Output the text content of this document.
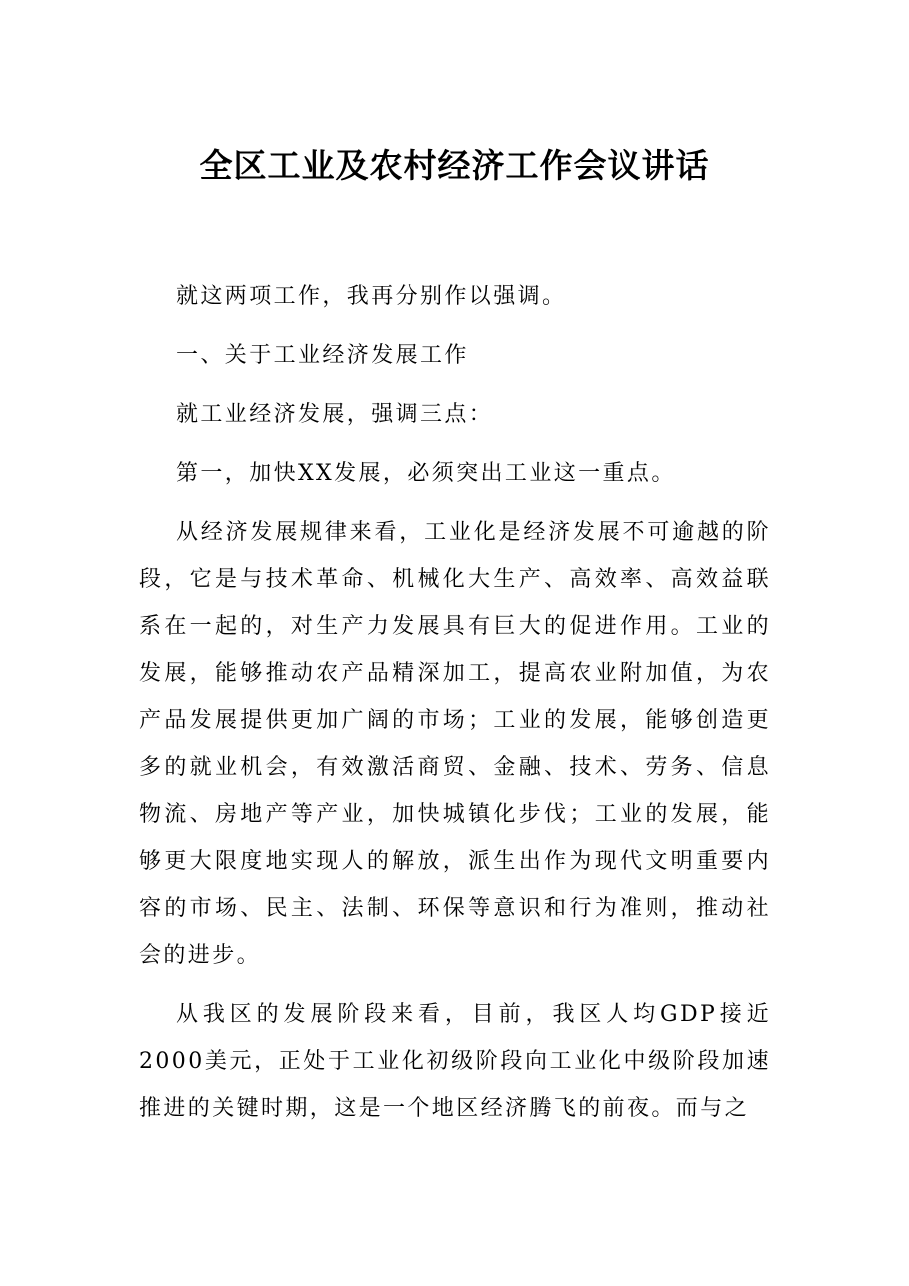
全区工业及农村经济工作会议讲话

就这两项工作，我再分别作以强调。

一、关于工业经济发展工作

就工业经济发展，强调三点：

第一，加快XX发展，必须突出工业这一重点。

从经济发展规律来看，工业化是经济发展不可逾越的阶段，它是与技术革命、机械化大生产、高效率、高效益联系在一起的，对生产力发展具有巨大的促进作用。工业的发展，能够推动农产品精深加工，提高农业附加值，为农产品发展提供更加广阔的市场；工业的发展，能够创造更多的就业机会，有效激活商贸、金融、技术、劳务、信息物流、房地产等产业，加快城镇化步伐；工业的发展，能够更大限度地实现人的解放，派生出作为现代文明重要内容的市场、民主、法制、环保等意识和行为准则，推动社会的进步。

从我区的发展阶段来看，目前，我区人均GDP接近2000美元，正处于工业化初级阶段向工业化中级阶段加速推进的关键时期，这是一个地区经济腾飞的前夜。而与之
